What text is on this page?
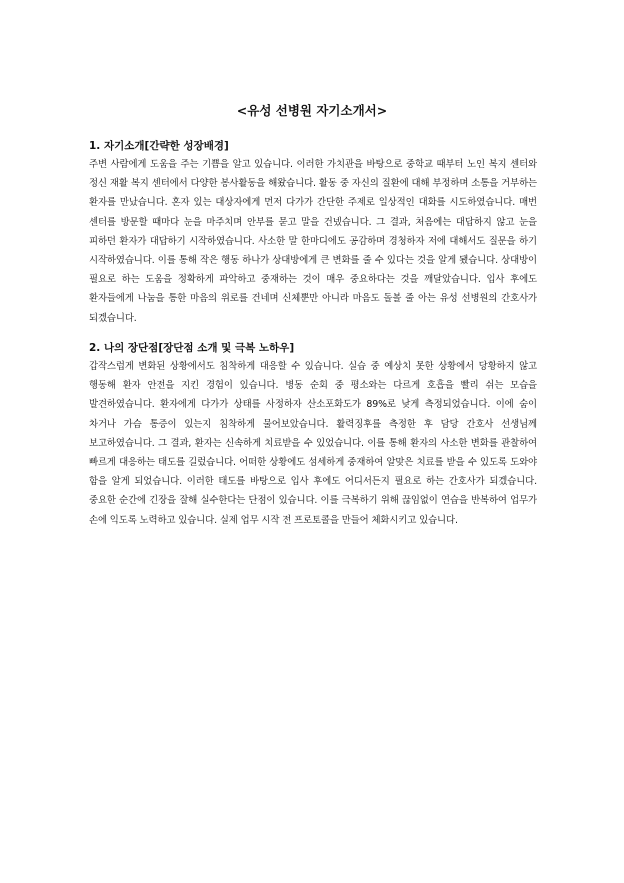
<유성 선병원 자기소개서>
1. 자기소개[간략한 성장배경]

주변 사람에게 도움을 주는 기쁨을 알고 있습니다. 이러한 가치관을 바탕으로 중학교 때부터 노인 복지 센터와 정신 재활 복지 센터에서 다양한 봉사활동을 해왔습니다. 활동 중 자신의 질환에 대해 부정하며 소통을 거부하는 환자를 만났습니다. 혼자 있는 대상자에게 먼저 다가가 간단한 주제로 일상적인 대화를 시도하였습니다. 매번 센터를 방문할 때마다 눈을 마주치며 안부를 묻고 말을 건넸습니다. 그 결과, 처음에는 대답하지 않고 눈을 피하던 환자가 대답하기 시작하였습니다. 사소한 말 한마디에도 공감하며 경청하자 저에 대해서도 질문을 하기 시작하였습니다. 이를 통해 작은 행동 하나가 상대방에게 큰 변화를 줄 수 있다는 것을 알게 됐습니다. 상대방이 필요로 하는 도움을 정확하게 파악하고 중재하는 것이 매우 중요하다는 것을 깨달았습니다. 입사 후에도 환자들에게 나눔을 통한 마음의 위로를 건네며 신체뿐만 아니라 마음도 돌볼 줄 아는 유성 선병원의 간호사가 되겠습니다.

2. 나의 장단점[장단점 소개 및 극복 노하우]

갑작스럽게 변화된 상황에서도 침착하게 대응할 수 있습니다. 실습 중 예상치 못한 상황에서 당황하지 않고 행동해 환자 안전을 지킨 경험이 있습니다. 병동 순회 중 평소와는 다르게 호흡을 빨리 쉬는 모습을 발견하였습니다. 환자에게 다가가 상태를 사정하자 산소포화도가 89%로 낮게 측정되었습니다. 이에 숨이 차거나 가슴 통증이 있는지 침착하게 물어보았습니다. 활력징후를 측정한 후 담당 간호사 선생님께 보고하였습니다. 그 결과, 환자는 신속하게 치료받을 수 있었습니다. 이를 통해 환자의 사소한 변화를 관찰하여 빠르게 대응하는 태도를 길렀습니다. 어떠한 상황에도 섬세하게 중재하여 알맞은 치료를 받을 수 있도록 도와야 함을 알게 되었습니다. 이러한 태도를 바탕으로 입사 후에도 어디서든지 필요로 하는 간호사가 되겠습니다. 중요한 순간에 긴장을 잘해 실수한다는 단점이 있습니다. 이를 극복하기 위해 끊임없이 연습을 반복하여 업무가 손에 익도록 노력하고 있습니다. 실제 업무 시작 전 프로토콜을 만들어 체화시키고 있습니다.
